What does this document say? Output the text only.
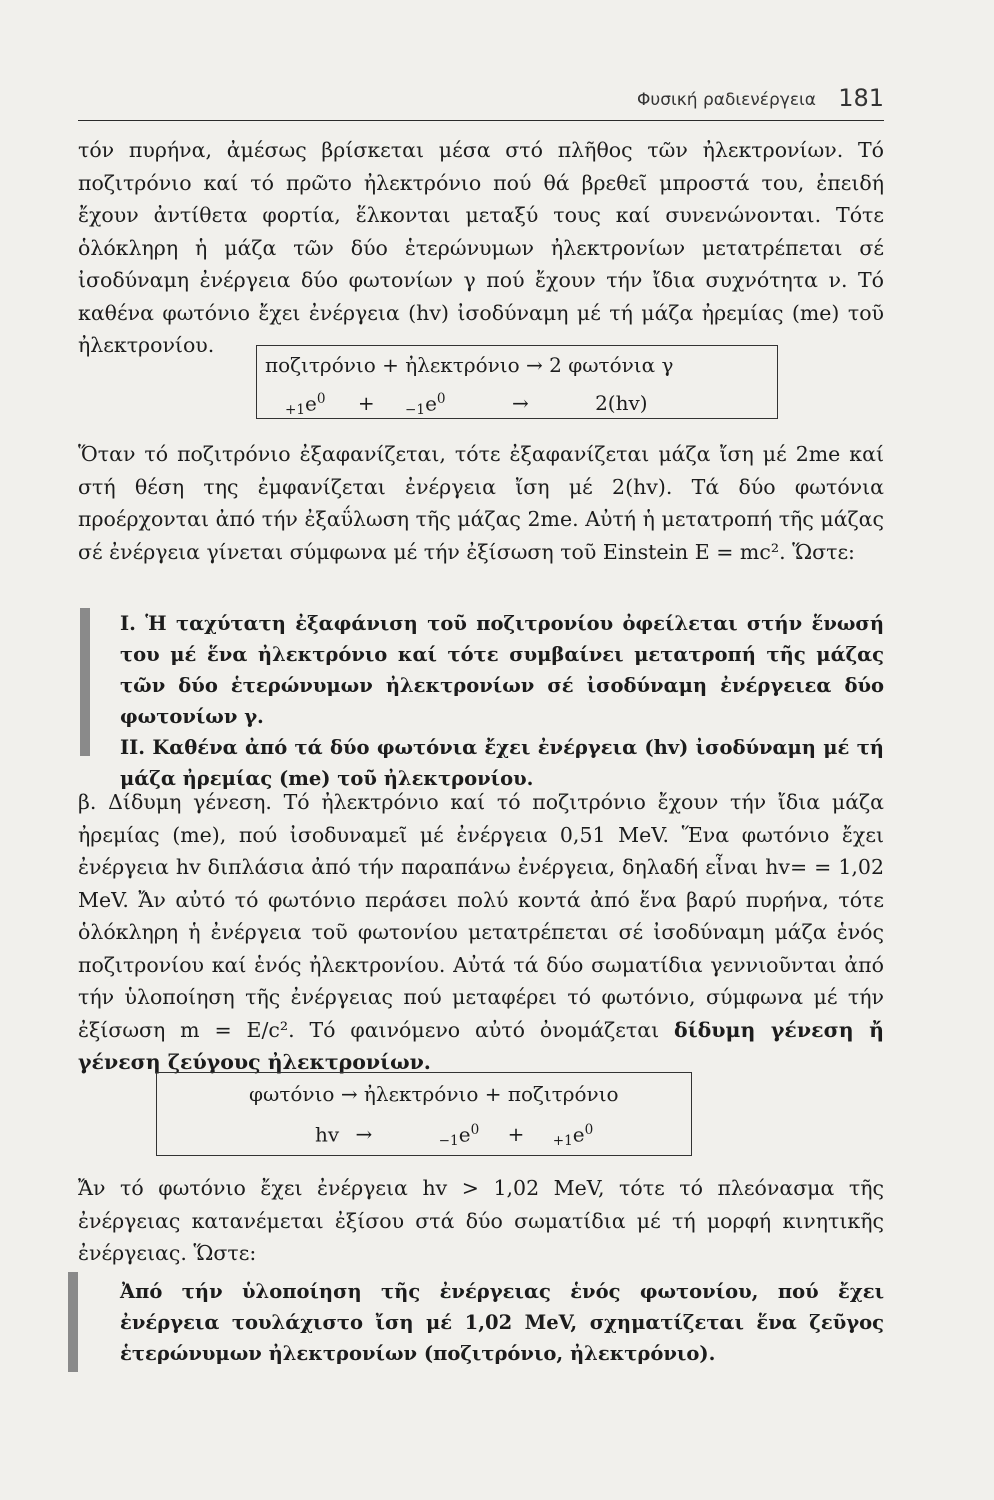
Φυσική ραδιενέργεια 181

τόν πυρήνα, ἀμέσως βρίσκεται μέσα στό πλῆθος τῶν ἠλεκτρονίων. Τό ποζιτρόνιο καί τό πρῶτο ἠλεκτρόνιο πού θά βρεθεῖ μπροστά του, ἐπειδή ἔχουν ἀντίθετα φορτία, ἕλκονται μεταξύ τους καί συνενώνονται. Τότε ὁλόκληρη ἡ μάζα τῶν δύο ἑτερώνυμων ἠλεκτρονίων μετατρέπεται σέ ἰσοδύναμη ἐνέργεια δύο φωτονίων γ πού ἔχουν τήν ἴδια συχνότητα ν. Τό καθένα φωτόνιο ἔχει ἐνέργεια (hv) ἰσοδύναμη μέ τή μάζα ἠρεμίας (me) τοῦ ἠλεκτρονίου.

ποζιτρόνιο + ἠλεκτρόνιο → 2 φωτόνια γ
$_{+1}e^0 + _{-1}e^0$	→	2(hv)

Ὅταν τό ποζιτρόνιο ἐξαφανίζεται, τότε ἐξαφανίζεται μάζα ἴση μέ 2me καί στή θέση της ἐμφανίζεται ἐνέργεια ἴση μέ 2(hv). Τά δύο φωτόνια προέρχονται ἀπό τήν ἐξαΰλωση τῆς μάζας 2me. Αὐτή ἡ μετατροπή τῆς μάζας σέ ἐνέργεια γίνεται σύμφωνα μέ τήν ἐξίσωση τοῦ Einstein E = mc². Ὥστε:

I. Ἡ ταχύτατη ἐξαφάνιση τοῦ ποζιτρονίου ὀφείλεται στήν ἕνωσή του μέ ἕνα ἠλεκτρόνιο καί τότε συμβαίνει μετατροπή τῆς μάζας τῶν δύο ἑτερώνυμων ἠλεκτρονίων σέ ἰσοδύναμη ἐνέργειεα δύο φωτονίων γ.

II. Καθένα ἀπό τά δύο φωτόνια ἔχει ἐνέργεια (hv) ἰσοδύναμη μέ τή μάζα ἠρεμίας (me) τοῦ ἠλεκτρονίου.

β. Δίδυμη γένεση. Τό ἠλεκτρόνιο καί τό ποζιτρόνιο ἔχουν τήν ἴδια μάζα ἠρεμίας (me), πού ἰσοδυναμεῖ μέ ἐνέργεια 0,51 MeV. Ἕνα φωτόνιο ἔχει ἐνέργεια hv διπλάσια ἀπό τήν παραπάνω ἐνέργεια, δηλαδή εἶναι hv= = 1,02 MeV. Ἄν αὐτό τό φωτόνιο περάσει πολύ κοντά ἀπό ἕνα βαρύ πυρήνα, τότε ὁλόκληρη ἡ ἐνέργεια τοῦ φωτονίου μετατρέπεται σέ ἰσοδύναμη μάζα ἑνός ποζιτρονίου καί ἑνός ἠλεκτρονίου. Αὐτά τά δύο σωματίδια γεννιοῦνται ἀπό τήν ὑλοποίηση τῆς ἐνέργειας πού μεταφέρει τό φωτόνιο, σύμφωνα μέ τήν ἐξίσωση m = E/c². Τό φαινόμενο αὐτό ὀνομάζεται δίδυμη γένεση ἤ γένεση ζεύγους ἠλεκτρονίων.

φωτόνιο → ἠλεκτρόνιο + ποζιτρόνιο
hv →	$_{-1}e^0 + _{+1}e^0$

Ἄν τό φωτόνιο ἔχει ἐνέργεια hv > 1,02 MeV, τότε τό πλεόνασμα τῆς ἐνέργειας κατανέμεται ἐξίσου στά δύο σωματίδια μέ τή μορφή κινητικῆς ἐνέργειας. Ὥστε:

Ἀπό τήν ὑλοποίηση τῆς ἐνέργειας ἑνός φωτονίου, πού ἔχει ἐνέργεια τουλάχιστο ἴση μέ 1,02 MeV, σχηματίζεται ἕνα ζεῦγος ἑτερώνυμων ἠλεκτρονίων (ποζιτρόνιο, ἠλεκτρόνιο).
